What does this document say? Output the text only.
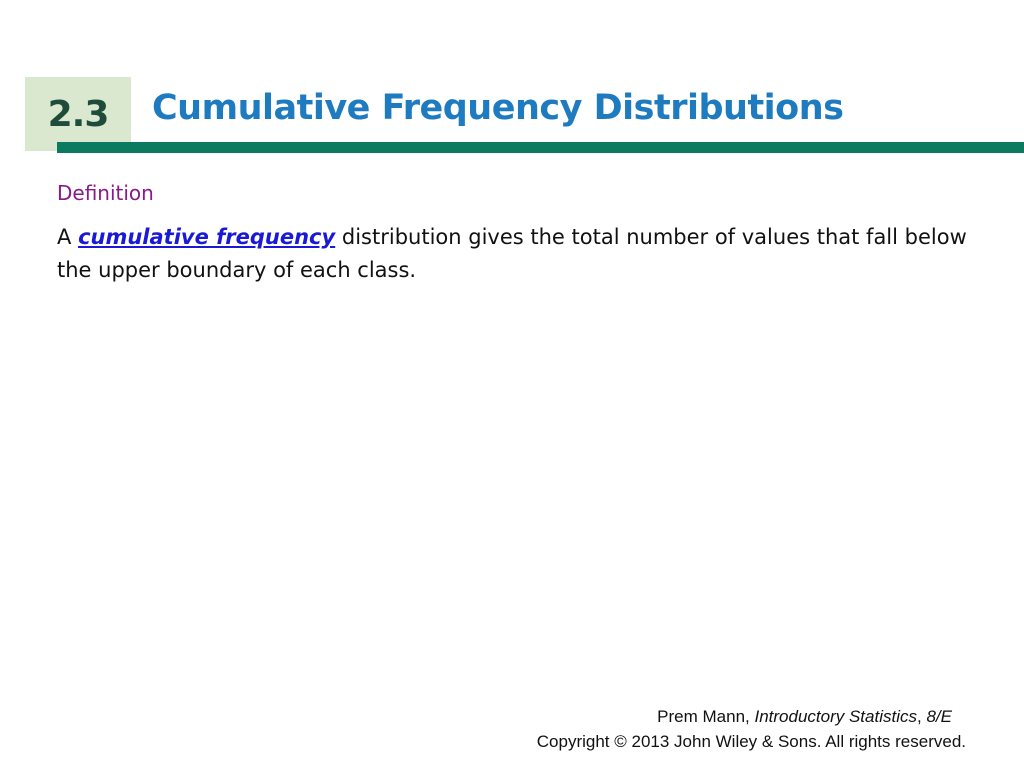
2.3 Cumulative Frequency Distributions
Definition
A cumulative frequency distribution gives the total number of values that fall below the upper boundary of each class.
Prem Mann, Introductory Statistics, 8/E
Copyright © 2013 John Wiley & Sons. All rights reserved.
